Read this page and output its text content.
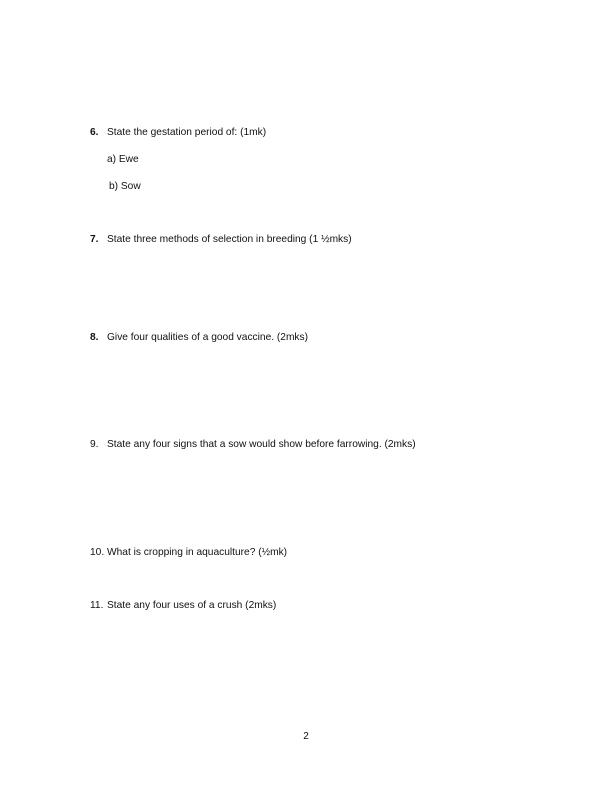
6. State the gestation period of: (1mk)
a) Ewe
b) Sow
7. State three methods of selection in breeding (1 ½mks)
8. Give four qualities of a good vaccine. (2mks)
9. State any four signs that a sow would show before farrowing. (2mks)
10. What is cropping in aquaculture? (½mk)
11. State any four uses of a crush (2mks)
2
